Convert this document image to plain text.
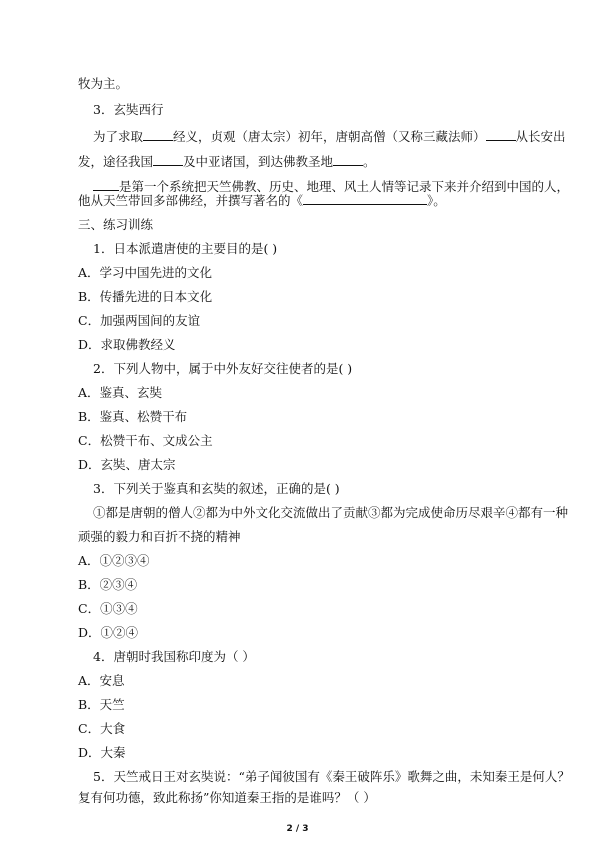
牧为主。
3．玄奘西行
为了求取 经义，贞观（唐太宗）初年，唐朝高僧（又称三藏法师） 从长安出
发，途径我国 及中亚诸国，到达佛教圣地 。
是第一个系统把天竺佛教、历史、地理、风土人情等记录下来并介绍到中国的人，
他从天竺带回多部佛经，并撰写著名的《	》。
三、练习训练
1．日本派遣唐使的主要目的是( )
A．学习中国先进的文化
B．传播先进的日本文化
C．加强两国间的友谊
D．求取佛教经义
2．下列人物中，属于中外友好交往使者的是( )
A．鉴真、玄奘
B．鉴真、松赞干布
C．松赞干布、文成公主
D．玄奘、唐太宗
3．下列关于鉴真和玄奘的叙述，正确的是( )
①都是唐朝的僧人②都为中外文化交流做出了贡献③都为完成使命历尽艰辛④都有一种
顽强的毅力和百折不挠的精神
A．①②③④
B．②③④
C．①③④
D．①②④
4．唐朝时我国称印度为（ ）
A．安息
B．天竺
C．大食
D．大秦
5．天竺戒日王对玄奘说：“弟子闻彼国有《秦王破阵乐》歌舞之曲，未知秦王是何人？
复有何功德，致此称扬”你知道秦王指的是谁吗？（ ）
2 / 3
